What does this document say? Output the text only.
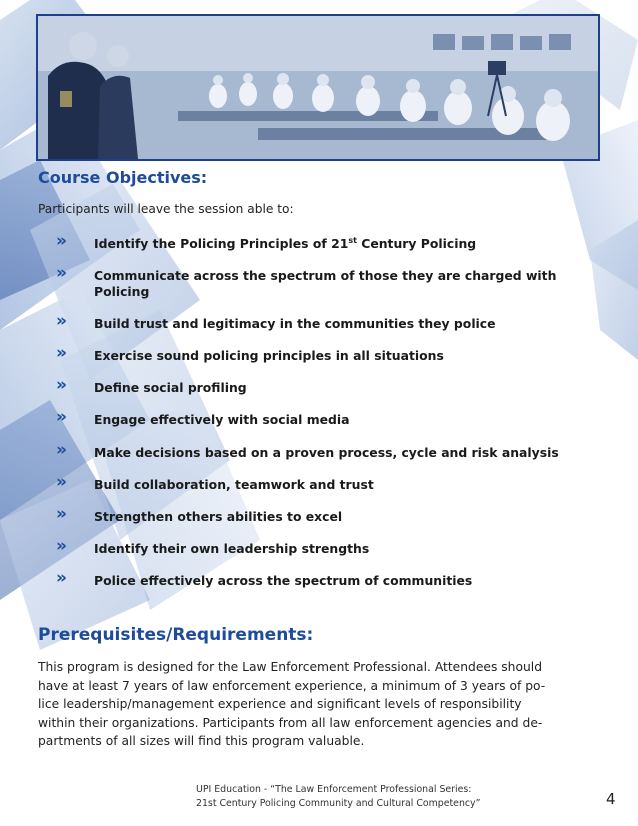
Course Objectives:
Participants will leave the session able to:
» Identify the Policing Principles of 21st Century Policing
» Communicate across the spectrum of those they are charged with
Policing
» Build trust and legitimacy in the communities they police
» Exercise sound policing principles in all situations
» Define social profiling
» Engage effectively with social media
» Make decisions based on a proven process, cycle and risk analysis
» Build collaboration, teamwork and trust
» Strengthen others abilities to excel
» Identify their own leadership strengths
» Police effectively across the spectrum of communities
Prerequisites/Requirements:

This program is designed for the Law Enforcement Professional. Attendees should
have at least 7 years of law enforcement experience, a minimum of 3 years of po-
lice leadership/management experience and significant levels of responsibility
within their organizations. Participants from all law enforcement agencies and de-
partments of all sizes will find this program valuable.

UPI Education - “The Law Enforcement Professional Series:
21st Century Policing Community and Cultural Competency”	4
